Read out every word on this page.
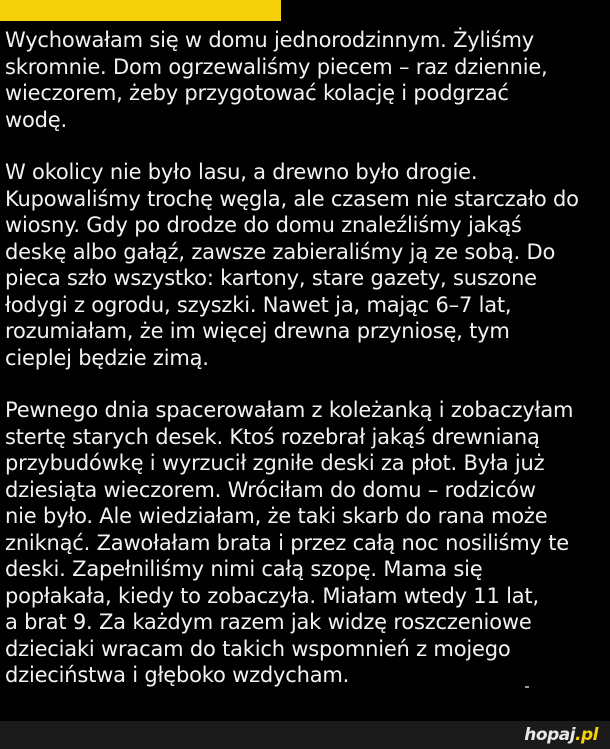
Wychowałam się w domu jednorodzinnym. Żyliśmy
skromnie. Dom ogrzewaliśmy piecem – raz dziennie,
wieczorem, żeby przygotować kolację i podgrzać
wodę.

W okolicy nie było lasu, a drewno było drogie.
Kupowaliśmy trochę węgla, ale czasem nie starczało do
wiosny. Gdy po drodze do domu znaleźliśmy jakąś
deskę albo gałąź, zawsze zabieraliśmy ją ze sobą. Do
pieca szło wszystko: kartony, stare gazety, suszone
łodygi z ogrodu, szyszki. Nawet ja, mając 6–7 lat,
rozumiałam, że im więcej drewna przyniosę, tym
cieplej będzie zimą.

Pewnego dnia spacerowałam z koleżanką i zobaczyłam
stertę starych desek. Ktoś rozebrał jakąś drewnianą
przybudówkę i wyrzucił zgniłe deski za płot. Była już
dziesiąta wieczorem. Wróciłam do domu – rodziców
nie było. Ale wiedziałam, że taki skarb do rana może
zniknąć. Zawołałam brata i przez całą noc nosiliśmy te
deski. Zapełniliśmy nimi całą szopę. Mama się
popłakała, kiedy to zobaczyła. Miałam wtedy 11 lat,
a brat 9. Za każdym razem jak widzę roszczeniowe
dzieciaki wracam do takich wspomnień z mojego
dzieciństwa i głęboko wzdycham.

hopaj.pl
